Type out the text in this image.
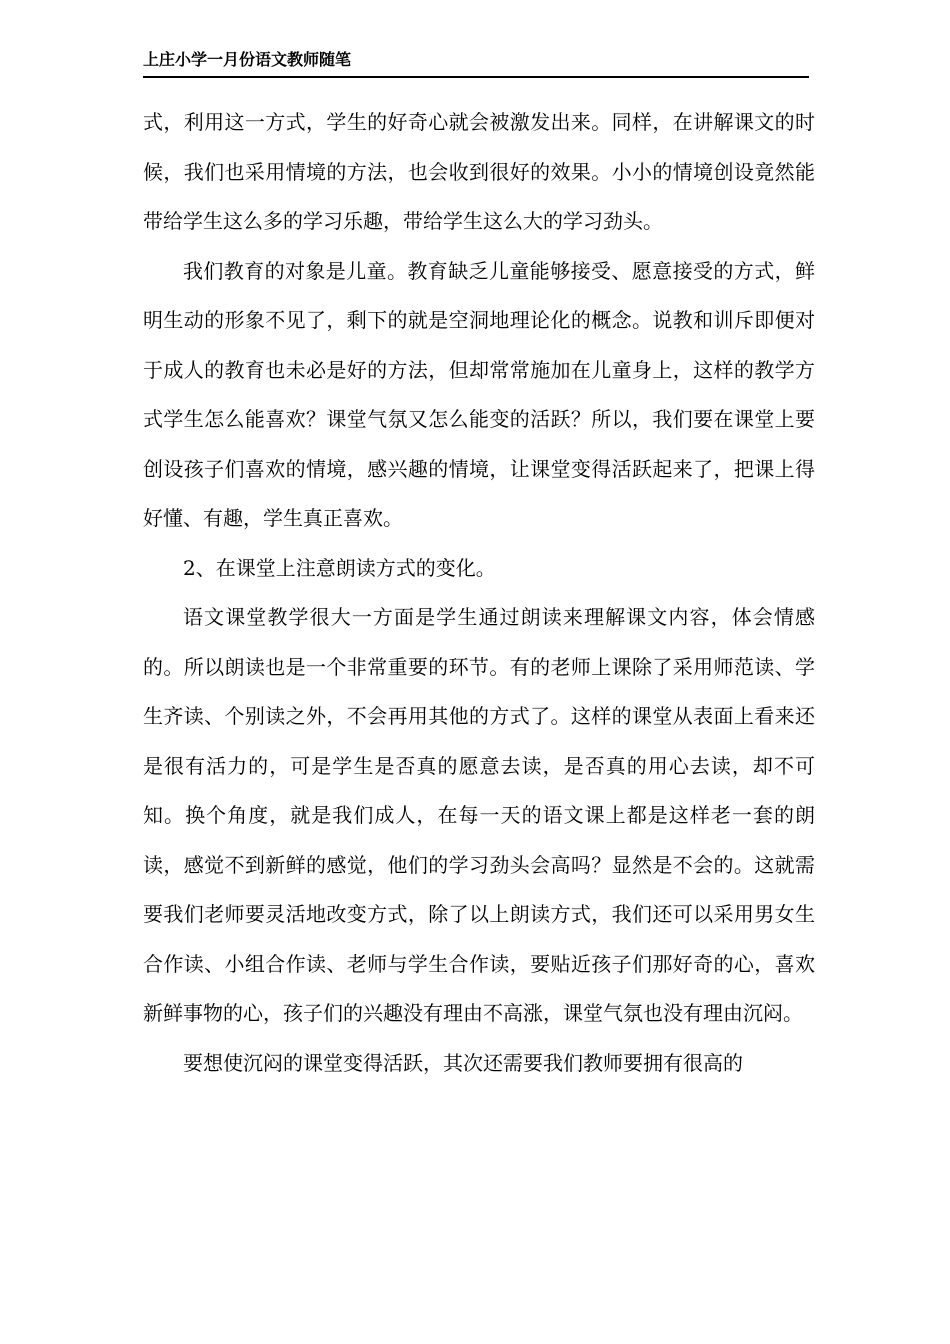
上庄小学一月份语文教师随笔

式，利用这一方式，学生的好奇心就会被激发出来。同样，在讲解课文的时候，我们也采用情境的方法，也会收到很好的效果。小小的情境创设竟然能带给学生这么多的学习乐趣，带给学生这么大的学习劲头。

我们教育的对象是儿童。教育缺乏儿童能够接受、愿意接受的方式，鲜明生动的形象不见了，剩下的就是空洞地理论化的概念。说教和训斥即便对于成人的教育也未必是好的方法，但却常常施加在儿童身上，这样的教学方式学生怎么能喜欢？课堂气氛又怎么能变的活跃？所以，我们要在课堂上要创设孩子们喜欢的情境，感兴趣的情境，让课堂变得活跃起来了，把课上得好懂、有趣，学生真正喜欢。

2、在课堂上注意朗读方式的变化。

语文课堂教学很大一方面是学生通过朗读来理解课文内容，体会情感的。所以朗读也是一个非常重要的环节。有的老师上课除了采用师范读、学生齐读、个别读之外，不会再用其他的方式了。这样的课堂从表面上看来还是很有活力的，可是学生是否真的愿意去读，是否真的用心去读，却不可知。换个角度，就是我们成人，在每一天的语文课上都是这样老一套的朗读，感觉不到新鲜的感觉，他们的学习劲头会高吗？显然是不会的。这就需要我们老师要灵活地改变方式，除了以上朗读方式，我们还可以采用男女生合作读、小组合作读、老师与学生合作读，要贴近孩子们那好奇的心，喜欢新鲜事物的心，孩子们的兴趣没有理由不高涨，课堂气氛也没有理由沉闷。

要想使沉闷的课堂变得活跃，其次还需要我们教师要拥有很高的
